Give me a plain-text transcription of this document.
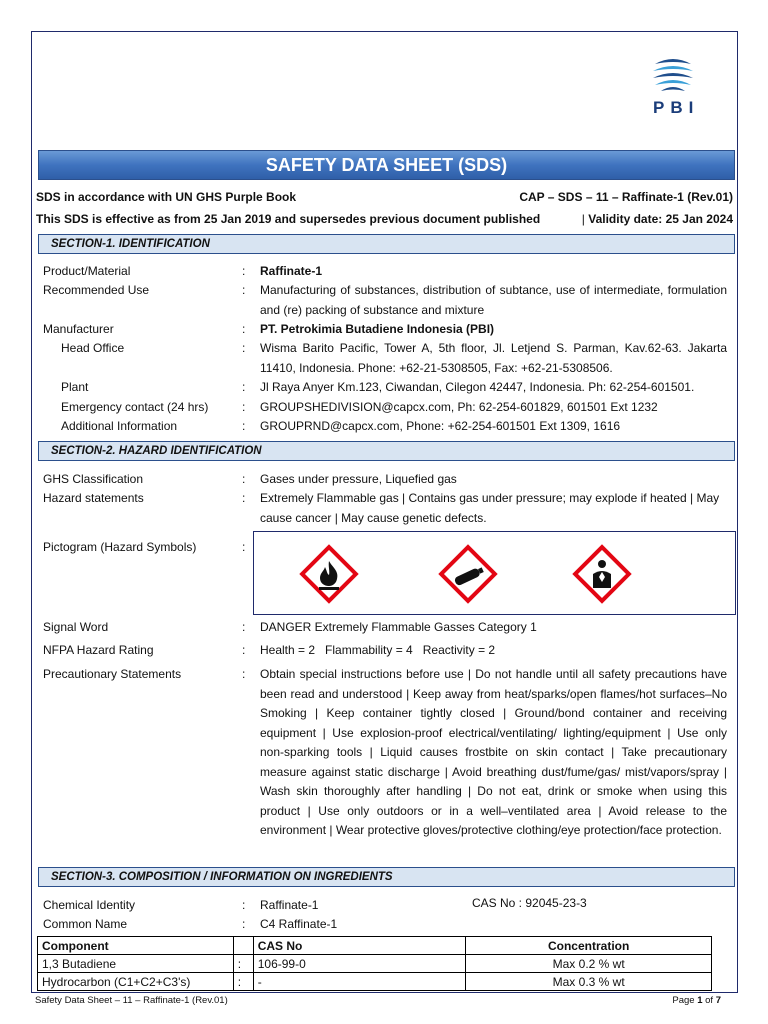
PBI
SAFETY DATA SHEET (SDS)
SDS in accordance with UN GHS Purple Book	CAP – SDS – 11 – Raffinate-1 (Rev.01)
This SDS is effective as from 25 Jan 2019 and supersedes previous document published	| Validity date: 25 Jan 2024
SECTION-1. IDENTIFICATION
Product/Material	:	Raffinate-1
Recommended Use	:	Manufacturing of substances, distribution of subtance, use of intermediate, formulation and (re) packing of substance and mixture
Manufacturer	:	PT. Petrokimia Butadiene Indonesia (PBI)
Head Office	:	Wisma Barito Pacific, Tower A, 5th floor, Jl. Letjend S. Parman, Kav.62-63. Jakarta 11410, Indonesia. Phone: +62-21-5308505, Fax: +62-21-5308506.
Plant	:	Jl Raya Anyer Km.123, Ciwandan, Cilegon 42447, Indonesia. Ph: 62-254-601501.
Emergency contact (24 hrs)	:	GROUPSHEDIVISION@capcx.com, Ph: 62-254-601829, 601501 Ext 1232
Additional Information	:	GROUPRND@capcx.com, Phone: +62-254-601501 Ext 1309, 1616
SECTION-2. HAZARD IDENTIFICATION
GHS Classification	:	Gases under pressure, Liquefied gas
Hazard statements	:	Extremely Flammable gas | Contains gas under pressure; may explode if heated | May cause cancer | May cause genetic defects.
Pictogram (Hazard Symbols)	:
Signal Word	:	DANGER Extremely Flammable Gasses Category 1
NFPA Hazard Rating	:	Health = 2   Flammability = 4   Reactivity = 2
Precautionary Statements	:	Obtain special instructions before use | Do not handle until all safety precautions have been read and understood | Keep away from heat/sparks/open flames/hot surfaces–No Smoking | Keep container tightly closed | Ground/bond container and receiving equipment | Use explosion-proof electrical/ventilating/ lighting/equipment | Use only non-sparking tools | Liquid causes frostbite on skin contact | Take precautionary measure against static discharge | Avoid breathing dust/fume/gas/ mist/vapors/spray | Wash skin thoroughly after handling | Do not eat, drink or smoke when using this product | Use only outdoors or in a well–ventilated area | Avoid release to the environment | Wear protective gloves/protective clothing/eye protection/face protection.
SECTION-3. COMPOSITION / INFORMATION ON INGREDIENTS
Chemical Identity	:	Raffinate-1	CAS No : 92045-23-3
Common Name	:	C4 Raffinate-1
Component		CAS No	Concentration
1,3 Butadiene	:	106-99-0	Max 0.2 % wt
Hydrocarbon (C1+C2+C3's)	:	-	Max 0.3 % wt
Safety Data Sheet – 11 – Raffinate-1 (Rev.01)	Page 1 of 7
